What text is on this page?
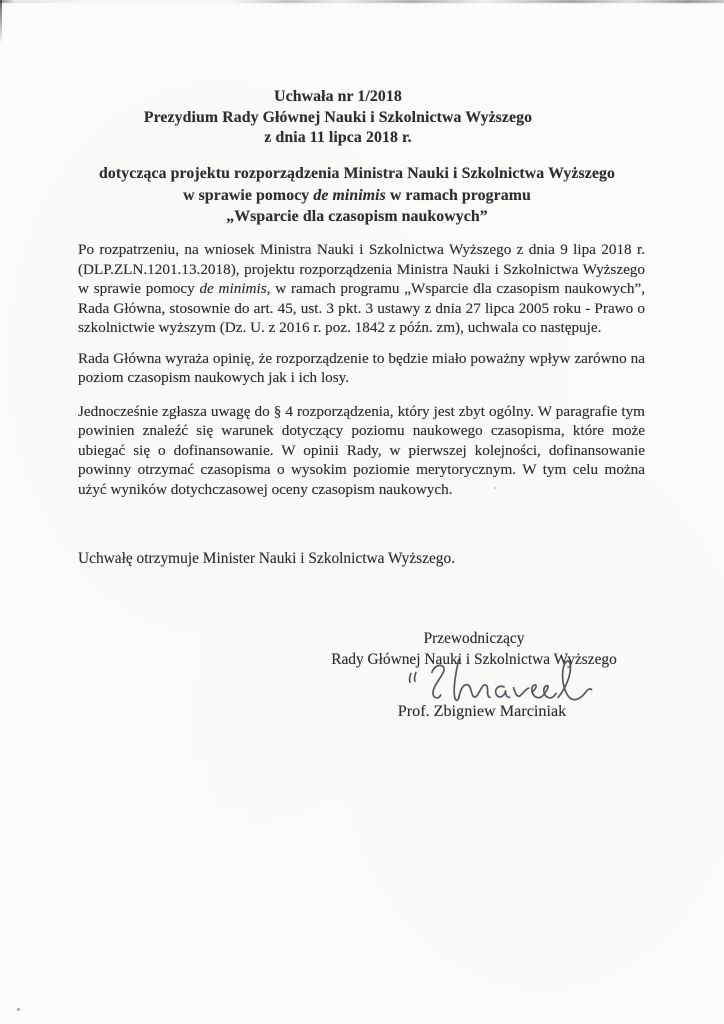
Uchwała nr 1/2018
Prezydium Rady Głównej Nauki i Szkolnictwa Wyższego
z dnia 11 lipca 2018 r.
dotycząca projektu rozporządzenia Ministra Nauki i Szkolnictwa Wyższego
w sprawie pomocy de minimis w ramach programu
„Wsparcie dla czasopism naukowych”

Po rozpatrzeniu, na wniosek Ministra Nauki i Szkolnictwa Wyższego z dnia 9 lipa 2018 r. (DLP.ZLN.1201.13.2018), projektu rozporządzenia Ministra Nauki i Szkolnictwa Wyższego w sprawie pomocy de minimis, w ramach programu „Wsparcie dla czasopism naukowych”, Rada Główna, stosownie do art. 45, ust. 3 pkt. 3 ustawy z dnia 27 lipca 2005 roku - Prawo o szkolnictwie wyższym (Dz. U. z 2016 r. poz. 1842 z późn. zm), uchwala co następuje.

Rada Główna wyraża opinię, że rozporządzenie to będzie miało poważny wpływ zarówno na poziom czasopism naukowych jak i ich losy.

Jednocześnie zgłasza uwagę do § 4 rozporządzenia, który jest zbyt ogólny. W paragrafie tym powinien znaleźć się warunek dotyczący poziomu naukowego czasopisma, które może ubiegać się o dofinansowanie. W opinii Rady, w pierwszej kolejności, dofinansowanie powinny otrzymać czasopisma o wysokim poziomie merytorycznym. W tym celu można użyć wyników dotychczasowej oceny czasopism naukowych.

Uchwałę otrzymuje Minister Nauki i Szkolnictwa Wyższego.
Przewodniczący
Rady Głównej Nauki i Szkolnictwa Wyższego
Prof. Zbigniew Marciniak
